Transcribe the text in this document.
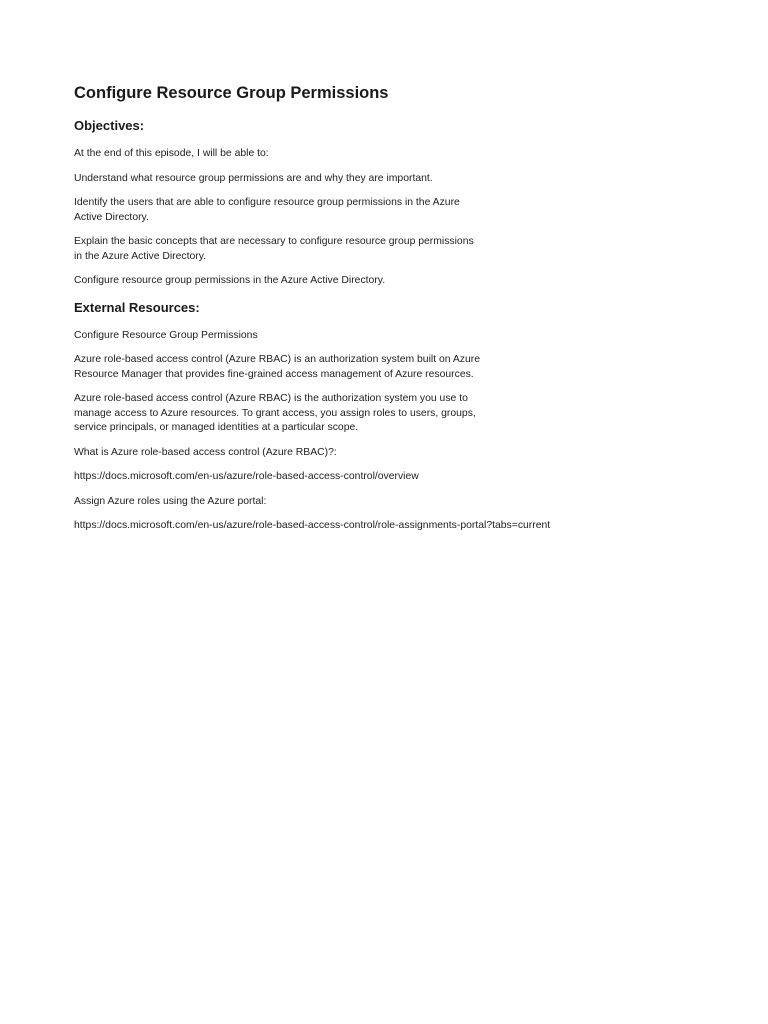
Configure Resource Group Permissions
Objectives:

At the end of this episode, I will be able to:

Understand what resource group permissions are and why they are important.

Identify the users that are able to configure resource group permissions in the Azure Active Directory.

Explain the basic concepts that are necessary to configure resource group permissions in the Azure Active Directory.

Configure resource group permissions in the Azure Active Directory.

External Resources:

Configure Resource Group Permissions

Azure role-based access control (Azure RBAC) is an authorization system built on Azure Resource Manager that provides fine-grained access management of Azure resources.

Azure role-based access control (Azure RBAC) is the authorization system you use to manage access to Azure resources. To grant access, you assign roles to users, groups, service principals, or managed identities at a particular scope.

What is Azure role-based access control (Azure RBAC)?:

https://docs.microsoft.com/en-us/azure/role-based-access-control/overview

Assign Azure roles using the Azure portal:

https://docs.microsoft.com/en-us/azure/role-based-access-control/role-assignments-portal?tabs=current
